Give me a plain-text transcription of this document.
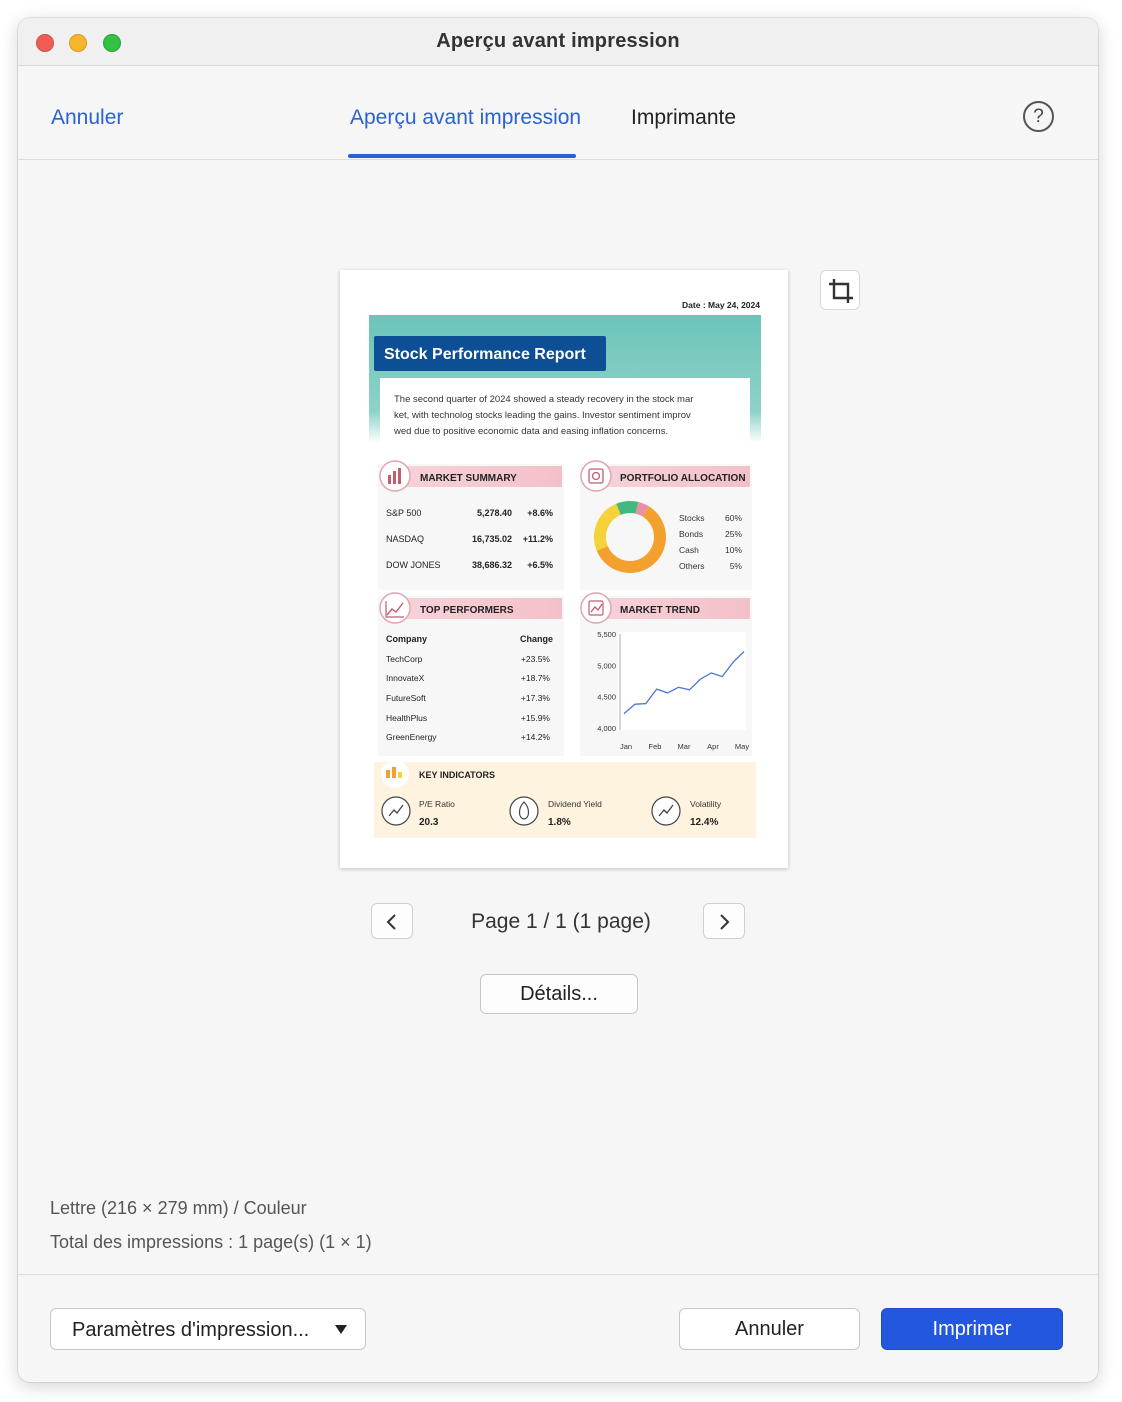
Aperçu avant impression
Annuler	Aperçu avant impression Imprimante	?
Date : May 24, 2024
Stock Performance Report
The second quarter of 2024 showed a steady recovery in the stock mar
ket, with technolog stocks leading the gains. Investor sentiment improv
wed due to positive economic data and easing inflation concerns.
MARKET SUMMARY
S&P 500	5,278.40 +8.6%
NASDAQ	16,735.02 +11.2%
DOW JONES	38,686.32 +6.5%
PORTFOLIO ALLOCATION
Stocks 60%
Bonds	25%
Cash	10%
Others	5%
TOP PERFORMERS
Company	Change
TechCorp	+23.5%
InnovateX	+18.7%
FutureSoft	+17.3%
HealthPlus	+15.9%
GreenEnergy	+14.2%
MARKET TREND
5,500
5,000
4,500
4,000
Jan Feb Mar Apr May
KEY INDICATORS
P/E Ratio
20.3
Dividend Yield
1.8%
Volatility
12.4%
Page 1 / 1 (1 page)
Détails...
Lettre (216 × 279 mm) / Couleur
Total des impressions : 1 page(s) (1 × 1)
Paramètres d'impression...	Annuler	Imprimer
